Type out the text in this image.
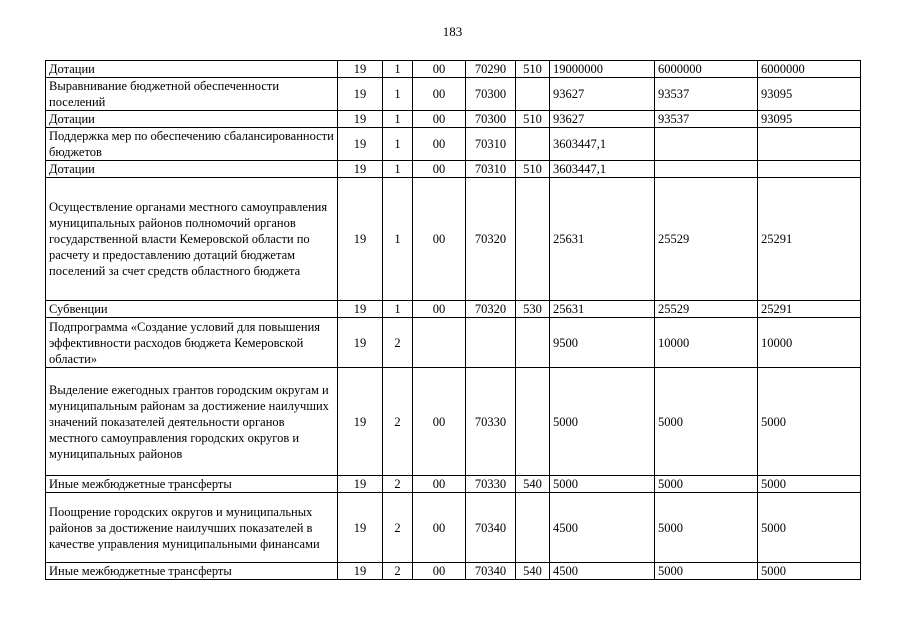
183
Дотации	19	1	00	70290	510	19000000	6000000	6000000
Выравнивание бюджетной обеспеченности поселений	19	1	00	70300		93627	93537	93095
Дотации	19	1	00	70300	510	93627	93537	93095
Поддержка мер по обеспечению сбалансированности бюджетов	19	1	00	70310		3603447,1		
Дотации	19	1	00	70310	510	3603447,1		
Осуществление органами местного самоуправления муниципальных районов полномочий органов государственной власти Кемеровской области по расчету и предоставлению дотаций бюджетам поселений за счет средств областного бюджета	19	1	00	70320		25631	25529	25291
Субвенции	19	1	00	70320	530	25631	25529	25291
Подпрограмма «Создание условий для повышения эффективности расходов бюджета Кемеровской области»	19	2				9500	10000	10000
Выделение ежегодных грантов городским округам и муниципальным районам за достижение наилучших значений показателей деятельности органов местного самоуправления городских округов и муниципальных районов	19	2	00	70330		5000	5000	5000
Иные межбюджетные трансферты	19	2	00	70330	540	5000	5000	5000
Поощрение городских округов и муниципальных районов за достижение наилучших показателей в качестве управления муниципальными финансами	19	2	00	70340		4500	5000	5000
Иные межбюджетные трансферты	19	2	00	70340	540	4500	5000	5000
